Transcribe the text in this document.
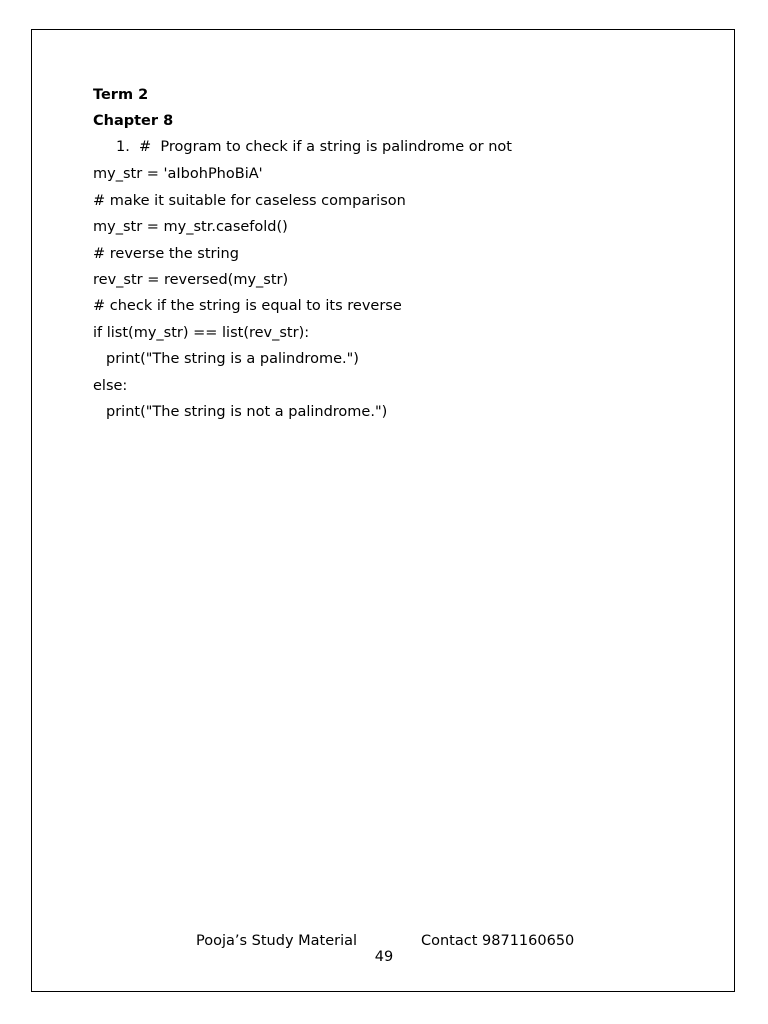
Term 2
Chapter 8
1. #  Program to check if a string is palindrome or not
my_str = 'aIbohPhoBiA'
# make it suitable for caseless comparison
my_str = my_str.casefold()
# reverse the string
rev_str = reversed(my_str)
# check if the string is equal to its reverse
if list(my_str) == list(rev_str):
print("The string is a palindrome.")
else:
print("The string is not a palindrome.")
Pooja’s Study Material	Contact 9871160650
49
